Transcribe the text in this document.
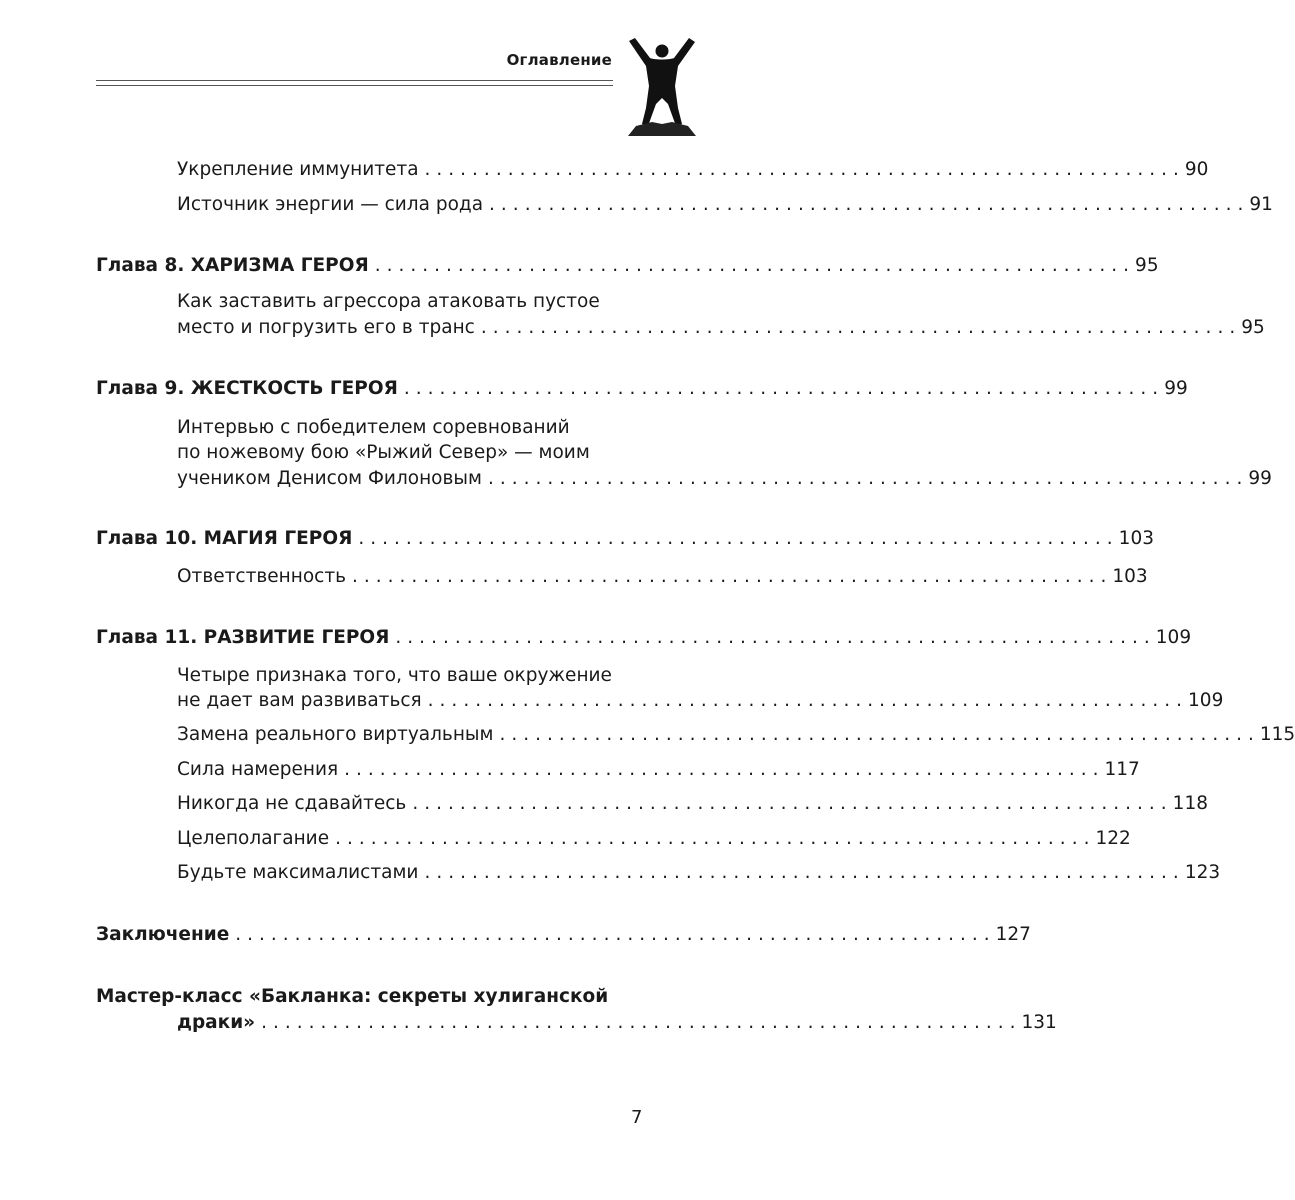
Оглавление
Укрепление иммунитета ................................................................ 90
Источник энергии — сила рода ................................................................ 91
Глава 8. ХАРИЗМА ГЕРОЯ ................................................................ 95
Как заставить агрессора атаковать пустое
место и погрузить его в транс ................................................................ 95
Глава 9. ЖЕСТКОСТЬ ГЕРОЯ ................................................................ 99
Интервью с победителем соревнований
по ножевому бою «Рыжий Север» — моим
учеником Денисом Филоновым ................................................................ 99
Глава 10. МАГИЯ ГЕРОЯ ................................................................ 103
Ответственность ................................................................ 103
Глава 11. РАЗВИТИЕ ГЕРОЯ ................................................................ 109
Четыре признака того, что ваше окружение
не дает вам развиваться ................................................................ 109
Замена реального виртуальным ................................................................ 115
Сила намерения ................................................................ 117
Никогда не сдавайтесь ................................................................ 118
Целеполагание ................................................................ 122
Будьте максималистами ................................................................ 123
Заключение ................................................................ 127
Мастер-класс «Бакланка: секреты хулиганской
драки» ................................................................ 131
7
